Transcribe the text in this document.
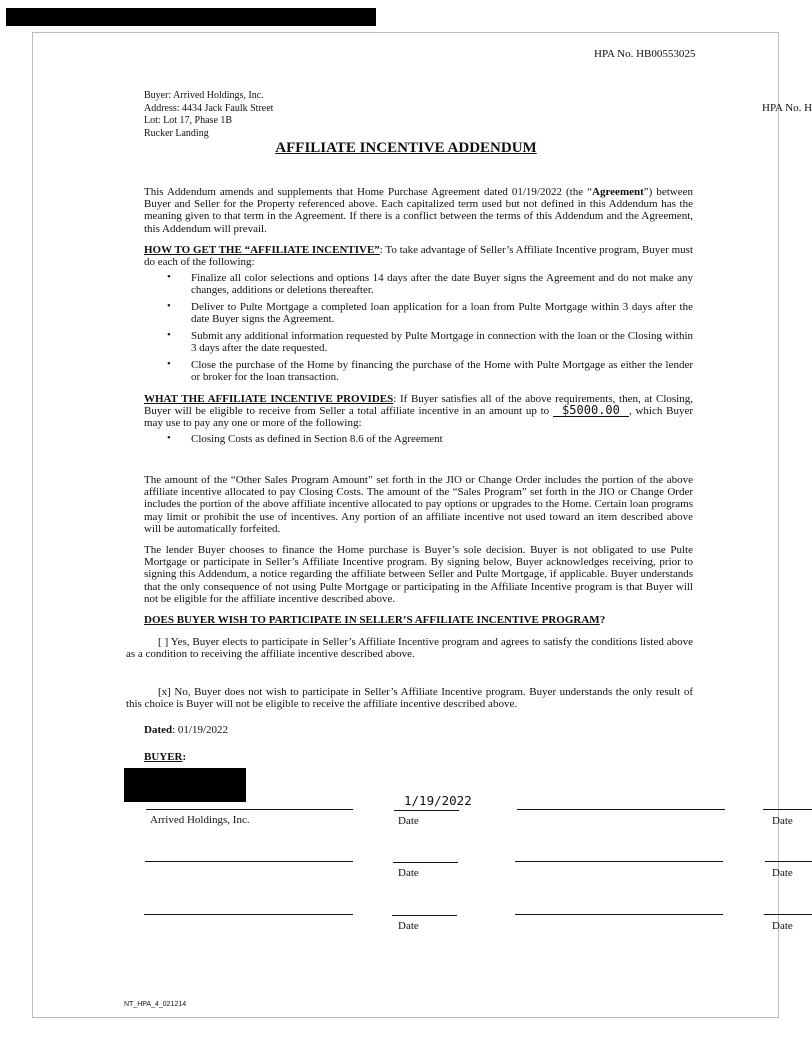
HPA No. HB00553025
HPA No. H
Buyer: Arrived Holdings, Inc.
Address: 4434 Jack Faulk Street
Lot: Lot 17, Phase 1B
Rucker Landing
AFFILIATE INCENTIVE ADDENDUM
This Addendum amends and supplements that Home Purchase Agreement dated 01/19/2022 (the “Agreement”) between Buyer and Seller for the Property referenced above. Each capitalized term used but not defined in this Addendum has the meaning given to that term in the Agreement. If there is a conflict between the terms of this Addendum and the Agreement, this Addendum will prevail.
HOW TO GET THE “AFFILIATE INCENTIVE”: To take advantage of Seller’s Affiliate Incentive program, Buyer must do each of the following:
• Finalize all color selections and options 14 days after the date Buyer signs the Agreement and do not make any changes, additions or deletions thereafter.
• Deliver to Pulte Mortgage a completed loan application for a loan from Pulte Mortgage within 3 days after the date Buyer signs the Agreement.
• Submit any additional information requested by Pulte Mortgage in connection with the loan or the Closing within 3 days after the date requested.
• Close the purchase of the Home by financing the purchase of the Home with Pulte Mortgage as either the lender or broker for the loan transaction.
WHAT THE AFFILIATE INCENTIVE PROVIDES: If Buyer satisfies all of the above requirements, then, at Closing, Buyer will be eligible to receive from Seller a total affiliate incentive in an amount up to $5000.00 , which Buyer may use to pay any one or more of the following:
• Closing Costs as defined in Section 8.6 of the Agreement
The amount of the “Other Sales Program Amount” set forth in the JIO or Change Order includes the portion of the above affiliate incentive allocated to pay Closing Costs. The amount of the “Sales Program” set forth in the JIO or Change Order includes the portion of the above affiliate incentive allocated to pay options or upgrades to the Home. Certain loan programs may limit or prohibit the use of incentives. Any portion of an affiliate incentive not used toward an item described above will be automatically forfeited.
The lender Buyer chooses to finance the Home purchase is Buyer’s sole decision. Buyer is not obligated to use Pulte Mortgage or participate in Seller’s Affiliate Incentive program. By signing below, Buyer acknowledges receiving, prior to signing this Addendum, a notice regarding the affiliate between Seller and Pulte Mortgage, if applicable. Buyer understands that the only consequence of not using Pulte Mortgage or participating in the Affiliate Incentive program is that Buyer will not be eligible for the affiliate incentive described above.
DOES BUYER WISH TO PARTICIPATE IN SELLER’S AFFILIATE INCENTIVE PROGRAM?
[ ] Yes, Buyer elects to participate in Seller’s Affiliate Incentive program and agrees to satisfy the conditions listed above as a condition to receiving the affiliate incentive described above.
[x] No, Buyer does not wish to participate in Seller’s Affiliate Incentive program. Buyer understands the only result of this choice is Buyer will not be eligible to receive the affiliate incentive described above.
Dated: 01/19/2022
BUYER:
Arrived Holdings, Inc.
1/19/2022
Date	Date
Date	Date
Date	Date
NT_HPA_4_021214
